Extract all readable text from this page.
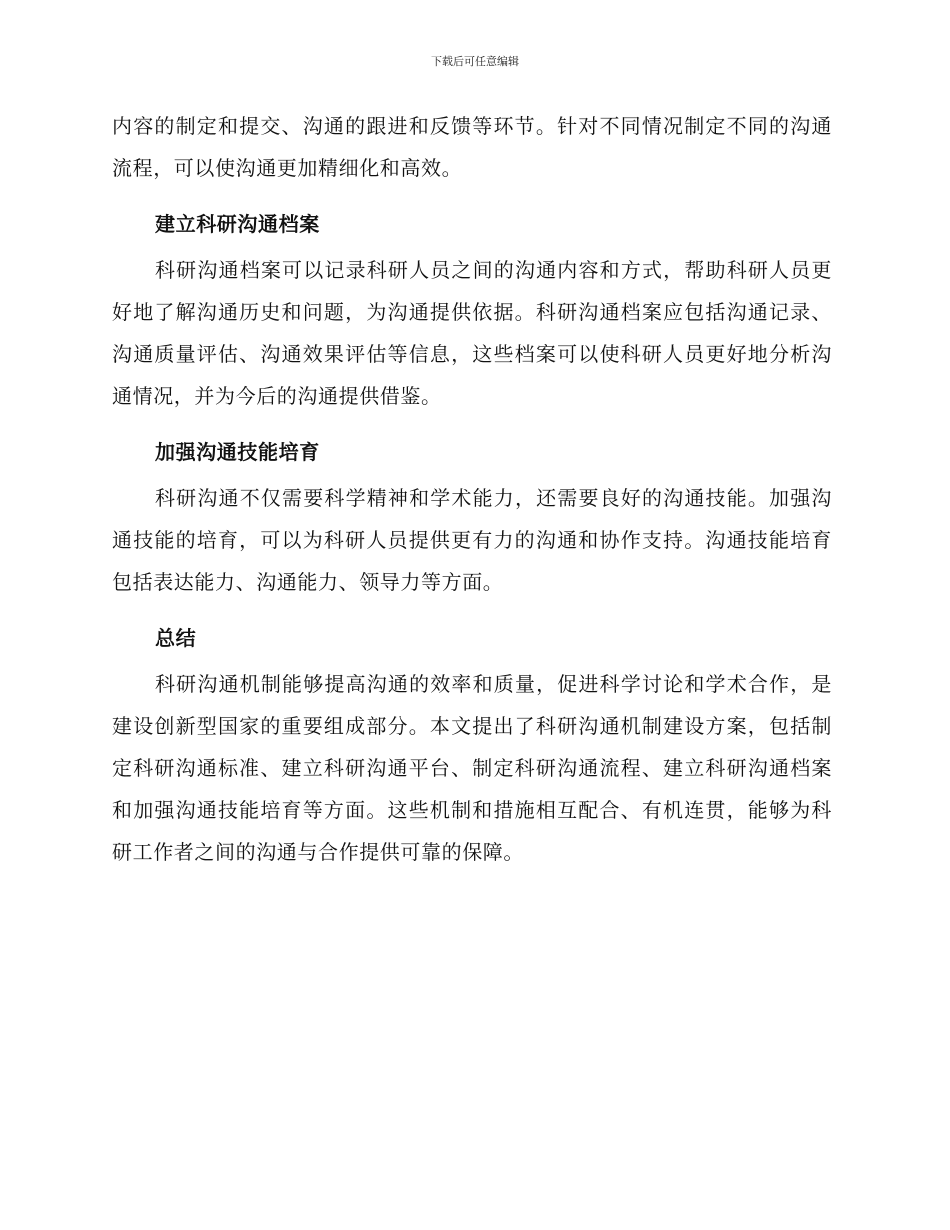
下载后可任意编辑

内容的制定和提交、沟通的跟进和反馈等环节。针对不同情况制定不同的沟通流程，可以使沟通更加精细化和高效。

建立科研沟通档案

科研沟通档案可以记录科研人员之间的沟通内容和方式，帮助科研人员更好地了解沟通历史和问题，为沟通提供依据。科研沟通档案应包括沟通记录、沟通质量评估、沟通效果评估等信息，这些档案可以使科研人员更好地分析沟通情况，并为今后的沟通提供借鉴。

加强沟通技能培育

科研沟通不仅需要科学精神和学术能力，还需要良好的沟通技能。加强沟通技能的培育，可以为科研人员提供更有力的沟通和协作支持。沟通技能培育包括表达能力、沟通能力、领导力等方面。

总结

科研沟通机制能够提高沟通的效率和质量，促进科学讨论和学术合作，是建设创新型国家的重要组成部分。本文提出了科研沟通机制建设方案，包括制定科研沟通标准、建立科研沟通平台、制定科研沟通流程、建立科研沟通档案和加强沟通技能培育等方面。这些机制和措施相互配合、有机连贯，能够为科研工作者之间的沟通与合作提供可靠的保障。
